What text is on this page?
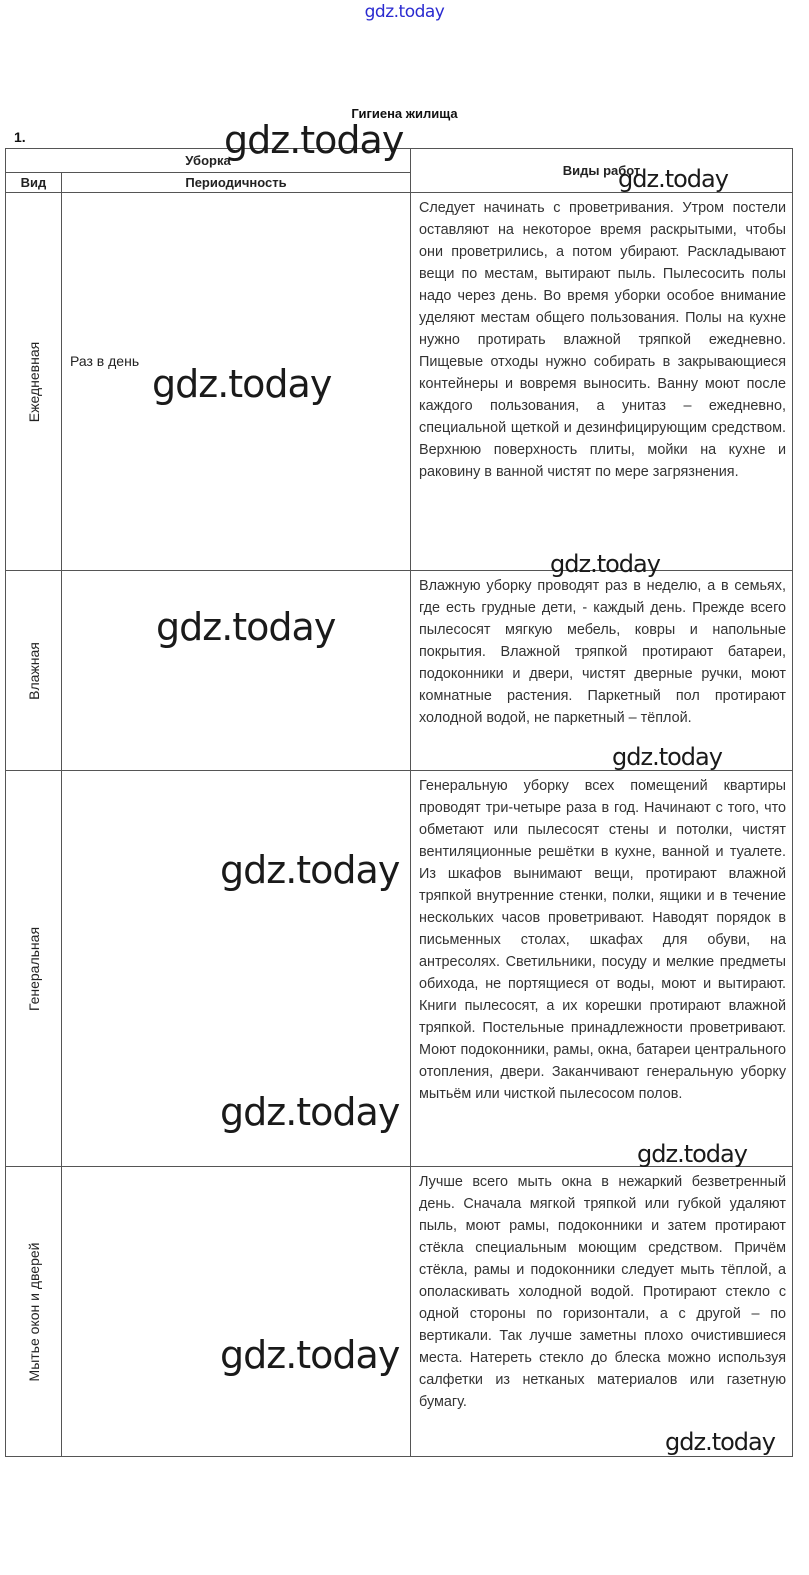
gdz.today
Гигиена жилища
1.
Уборка		Виды работ
Вид	Периодичность	

Ежедневная	Раз в день	Следует начинать с проветривания. Утром постели оставляют на некоторое время раскрытыми, чтобы они проветрились, а потом убирают. Раскладывают вещи по местам, вытирают пыль. Пылесосить полы надо через день. Во время уборки особое внимание уделяют местам общего пользования. Полы на кухне нужно протирать влажной тряпкой ежедневно. Пищевые отходы нужно собирать в закрывающиеся контейнеры и вовремя выносить. Ванну моют после каждого пользования, а унитаз – ежедневно, специальной щеткой и дезинфицирующим средством. Верхнюю поверхность плиты, мойки на кухне и раковину в ванной чистят по мере загрязнения.

Влажная		Влажную уборку проводят раз в неделю, а в семьях, где есть грудные дети, - каждый день. Прежде всего пылесосят мягкую мебель, ковры и напольные покрытия. Влажной тряпкой протирают батареи, подоконники и двери, чистят дверные ручки, моют комнатные растения. Паркетный пол протирают холодной водой, не паркетный – тёплой.

Генеральная		Генеральную уборку всех помещений квартиры проводят три-четыре раза в год. Начинают с того, что обметают или пылесосят стены и потолки, чистят вентиляционные решётки в кухне, ванной и туалете. Из шкафов вынимают вещи, протирают влажной тряпкой внутренние стенки, полки, ящики и в течение нескольких часов проветривают. Наводят порядок в письменных столах, шкафах для обуви, на антресолях. Светильники, посуду и мелкие предметы обихода, не портящиеся от воды, моют и вытирают. Книги пылесосят, а их корешки протирают влажной тряпкой. Постельные принадлежности проветривают. Моют подоконники, рамы, окна, батареи центрального отопления, двери. Заканчивают генеральную уборку мытьём или чисткой пылесосом полов.

Мытье окон и дверей		Лучше всего мыть окна в нежаркий безветренный день. Сначала мягкой тряпкой или губкой удаляют пыль, моют рамы, подоконники и затем протирают стёкла специальным моющим средством. Причём стёкла, рамы и подоконники следует мыть тёплой, а ополаскивать холодной водой. Протирают стекло с одной стороны по горизонтали, а с другой – по вертикали. Так лучше заметны плохо очистившиеся места. Натереть стекло до блеска можно используя салфетки из нетканых материалов или газетную бумагу.
gdz.today
gdz.today
gdz.today
gdz.today
gdz.today
gdz.today
gdz.today
gdz.today
gdz.today
gdz.today
gdz.today
